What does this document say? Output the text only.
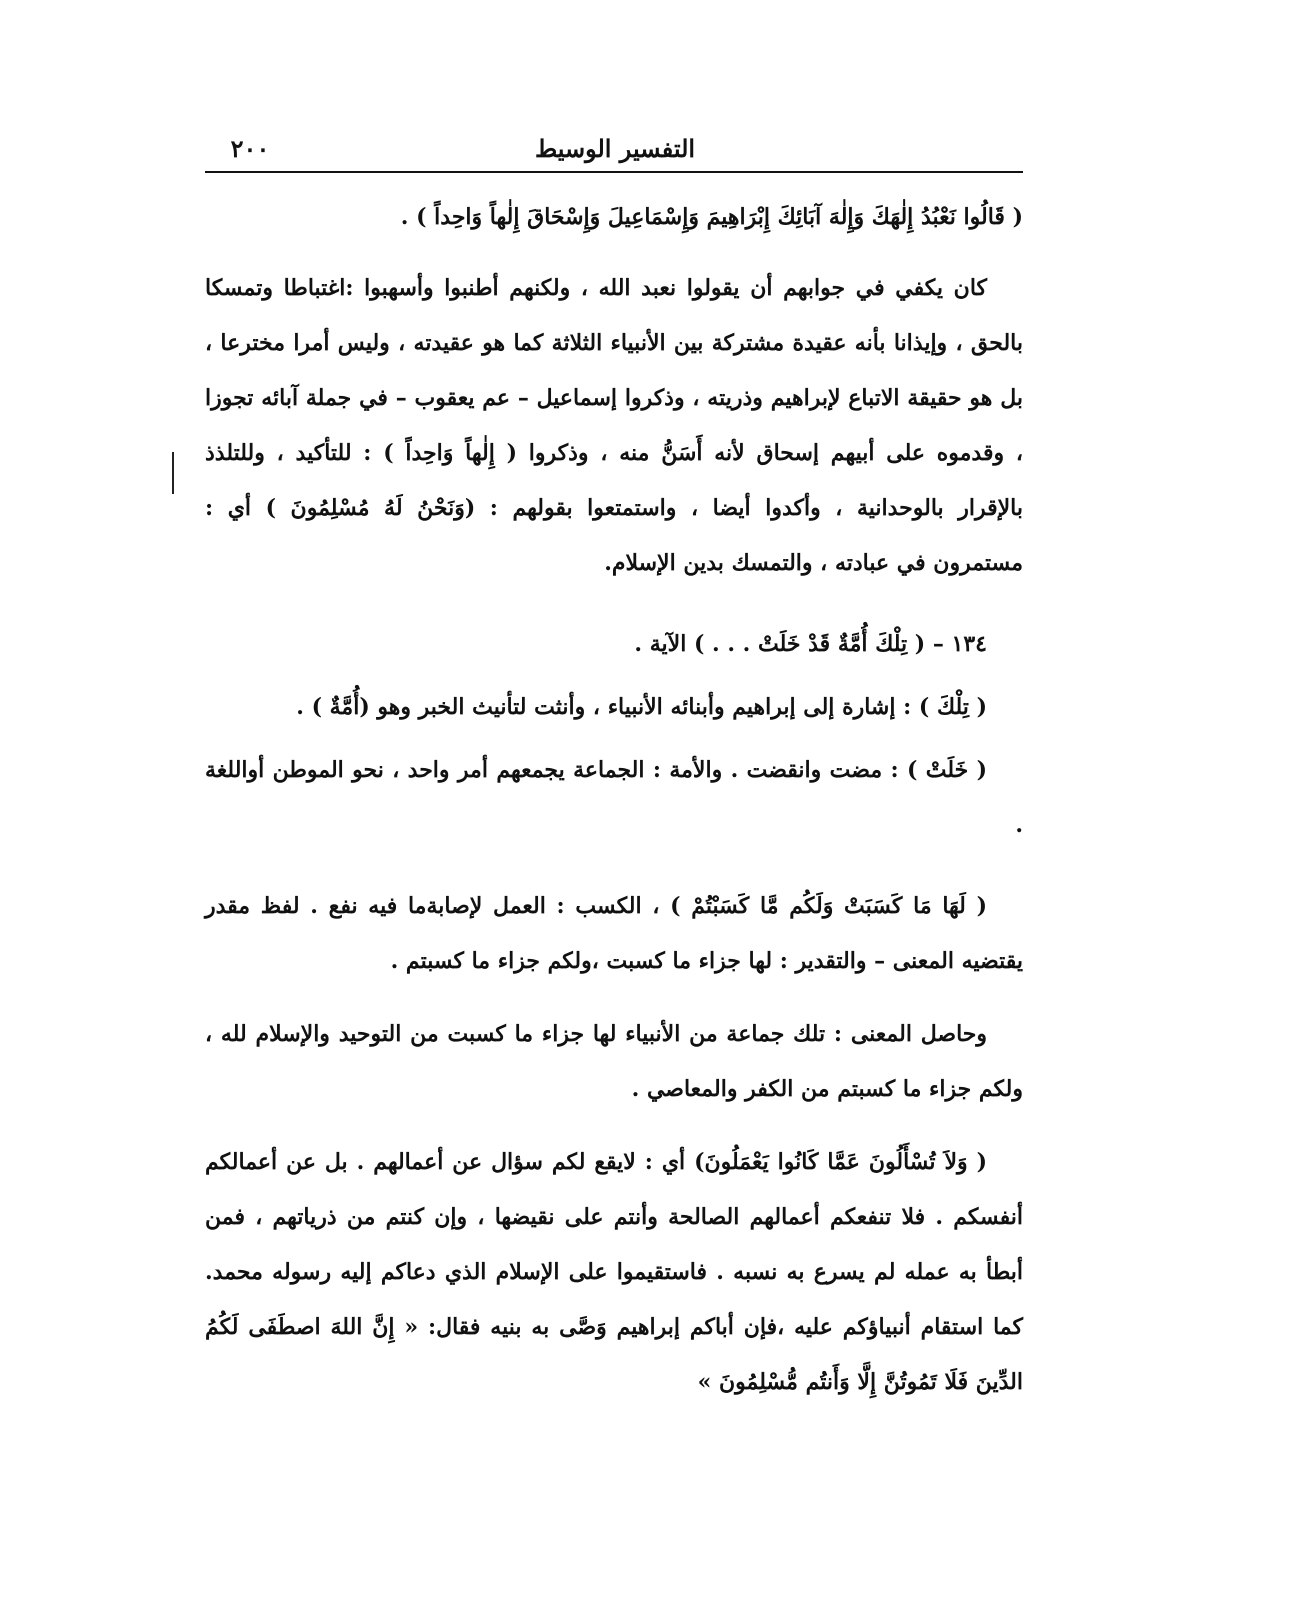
التفسير الوسيط
٢٠٠

( قَالُوا نَعْبُدُ إِلٰهَكَ وَإِلٰهَ آبَائِكَ إِبْرَاهِيمَ وَإِسْمَاعِيلَ وَإِسْحَاقَ إِلٰهاً وَاحِداً ) .

كان يكفي في جوابهم أن يقولوا نعبد الله ، ولكنهم أطنبوا وأسهبوا :اغتباطا وتمسكا بالحق ، وإيذانا بأنه عقيدة مشتركة بين الأنبياء الثلاثة كما هو عقيدته ، وليس أمرا مخترعا ، بل هو حقيقة الاتباع لإبراهيم وذريته ، وذكروا إسماعيل – عم يعقوب – في جملة آبائه تجوزا ، وقدموه على أبيهم إسحاق لأنه أَسَنُّ منه ، وذكروا ( إِلٰهاً وَاحِداً ) : للتأكيد ، وللتلذذ بالإقرار بالوحدانية ، وأكدوا أيضا ، واستمتعوا بقولهم : (وَنَحْنُ لَهُ مُسْلِمُونَ ) أي : مستمرون في عبادته ، والتمسك بدين الإسلام.

١٣٤ – ( تِلْكَ أُمَّةٌ قَدْ خَلَتْ . . . ) الآية .

( تِلْكَ ) : إشارة إلى إبراهيم وأبنائه الأنبياء ، وأنثت لتأنيث الخبر وهو (أُمَّةٌ ) .

( خَلَتْ ) : مضت وانقضت . والأمة : الجماعة يجمعهم أمر واحد ، نحو الموطن أواللغة .

( لَهَا مَا كَسَبَتْ وَلَكُم مَّا كَسَبْتُمْ ) ، الكسب : العمل لإصابةما فيه نفع . لفظ مقدر يقتضيه المعنى – والتقدير : لها جزاء ما كسبت ،ولكم جزاء ما كسبتم .

وحاصل المعنى : تلك جماعة من الأنبياء لها جزاء ما كسبت من التوحيد والإسلام لله ، ولكم جزاء ما كسبتم من الكفر والمعاصي .

( وَلاَ تُسْأَلُونَ عَمَّا كَانُوا يَعْمَلُونَ) أي : لايقع لكم سؤال عن أعمالهم . بل عن أعمالكم أنفسكم . فلا تنفعكم أعمالهم الصالحة وأنتم على نقيضها ، وإن كنتم من ذرياتهم ، فمن أبطأ به عمله لم يسرع به نسبه . فاستقيموا على الإسلام الذي دعاكم إليه رسوله محمد. كما استقام أنبياؤكم عليه ،فإن أباكم إبراهيم وَصَّى به بنيه فقال: « إِنَّ اللهَ اصطَفَى لَكُمُ الدِّينَ فَلَا تَمُوتُنَّ إِلَّا وَأَنتُم مُّسْلِمُونَ »
